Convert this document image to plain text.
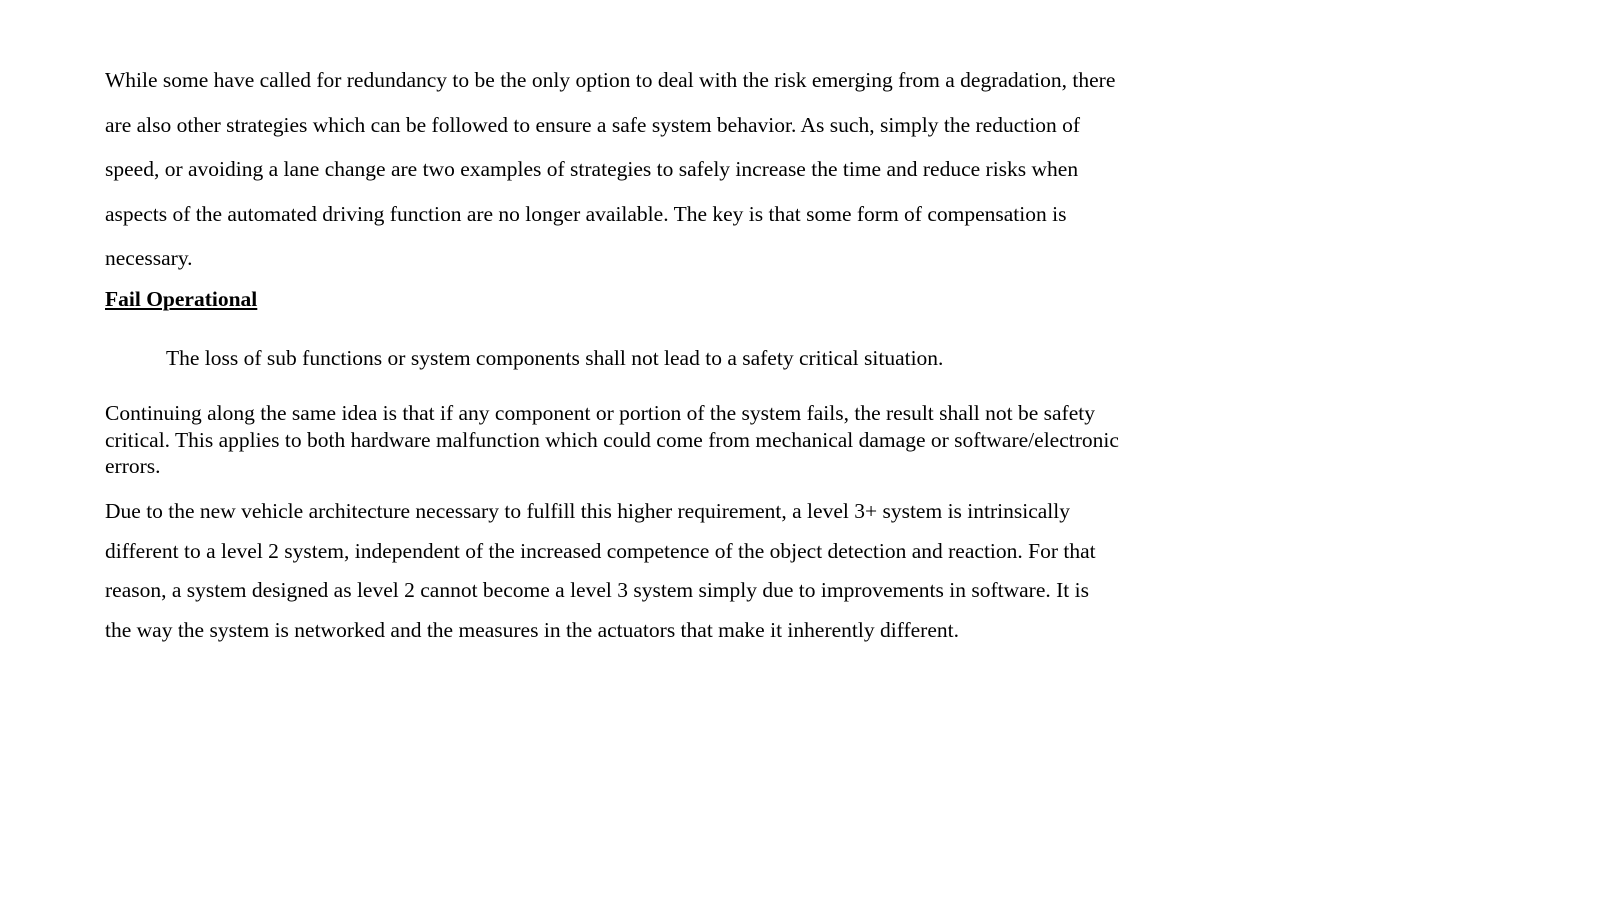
While some have called for redundancy to be the only option to deal with the risk emerging from a degradation, there
are also other strategies which can be followed to ensure a safe system behavior. As such, simply the reduction of
speed, or avoiding a lane change are two examples of strategies to safely increase the time and reduce risks when
aspects of the automated driving function are no longer available. The key is that some form of compensation is
necessary.

Fail Operational

The loss of sub functions or system components shall not lead to a safety critical situation.

Continuing along the same idea is that if any component or portion of the system fails, the result shall not be safety
critical. This applies to both hardware malfunction which could come from mechanical damage or software/electronic
errors.

Due to the new vehicle architecture necessary to fulfill this higher requirement, a level 3+ system is intrinsically
different to a level 2 system, independent of the increased competence of the object detection and reaction. For that
reason, a system designed as level 2 cannot become a level 3 system simply due to improvements in software. It is
the way the system is networked and the measures in the actuators that make it inherently different.
